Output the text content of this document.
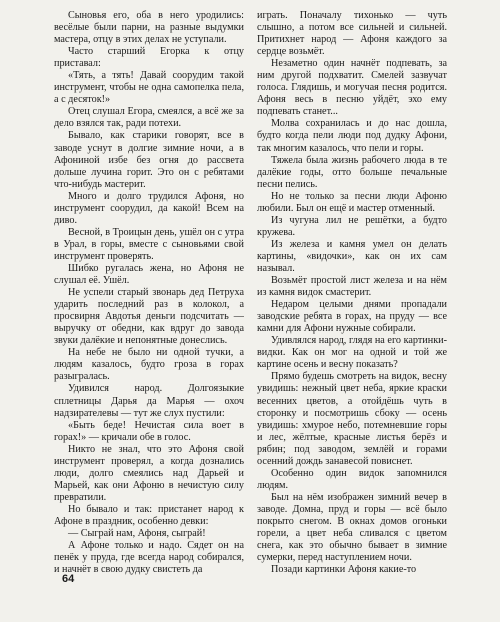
Сыновья его, оба в него уродились: весёлые были парни, на разные выдумки мастера, отцу в этих делах не уступали.

Часто старший Егорка к отцу приставал:

«Тять, а тять! Давай соорудим такой инструмент, чтобы не одна самопелка пела, а с десяток!»

Отец слушал Егора, смеялся, а всё же за дело взялся так, ради потехи.

Бывало, как старики говорят, все в заводе уснут в долгие зимние ночи, а в Афониной избе без огня до рассвета дольше лучина горит. Это он с ребятами что-нибудь мастерит.

Много и долго трудился Афоня, но инструмент соорудил, да какой! Всем на диво.

Весной, в Троицын день, ушёл он с утра в Урал, в горы, вместе с сыновьями свой инструмент проверять.

Шибко ругалась жена, но Афоня не слушал её. Ушёл.

Не успели старый звонарь дед Петруха ударить последний раз в колокол, а просвирня Авдотья деньги подсчитать — выручку от обедни, как вдруг до завода звуки далёкие и непонятные донеслись.

На небе не было ни одной тучки, а людям казалось, будто гроза в горах разыгралась.

Удивился народ. Долгоязыкие сплетницы Дарья да Марья — охоч надзирателевы — тут же слух пустили:

«Быть беде! Нечистая сила воет в горах!» — кричали обе в голос.

Никто не знал, что это Афоня свой инструмент проверял, а когда дознались люди, долго смеялись над Дарьей и Марьей, как они Афоню в нечистую силу превратили.

Но бывало и так: пристанет народ к Афоне в праздник, особенно девки:

— Сыграй нам, Афоня, сыграй!

А Афоне только и надо. Сядет он на пенёк у пруда, где всегда народ собирался, и начнёт в свою дудку свистеть да

играть. Поначалу тихонько — чуть слышно, а потом все сильней и сильней. Притихнет народ — Афоня каждого за сердце возьмёт.

Незаметно один начнёт подпевать, за ним другой подхватит. Смелей зазвучат голоса. Глядишь, и могучая песня родится. Афоня весь в песню уйдёт, эхо ему подпевать станет...

Молва сохранилась и до нас дошла, будто когда пели люди под дудку Афони, так многим казалось, что пели и горы.

Тяжела была жизнь рабочего люда в те далёкие годы, отто больше печальные песни пелись.

Но не только за песни люди Афоню любили. Был он ещё и мастер отменный.

Из чугуна лил не решётки, а будто кружева.

Из железа и камня умел он делать картины, «видочки», как он их сам называл.

Возьмёт простой лист железа и на нём из камня видок смастерит.

Недаром целыми днями пропадали заводские ребята в горах, на пруду — все камни для Афони нужные собирали.

Удивлялся народ, глядя на его картинки-видки. Как он мог на одной и той же картине осень и весну показать?

Прямо будешь смотреть на видок, весну увидишь: нежный цвет неба, яркие краски весенних цветов, а отойдёшь чуть в сторонку и посмотришь сбоку — осень увидишь: хмурое небо, потемневшие горы и лес, жёлтые, красные листья берёз и рябин; под заводом, землёй и горами осенний дождь занавесой повиснет.

Особенно один видок запомнился людям.

Был на нём изображен зимний вечер в заводе. Домна, пруд и горы — всё было покрыто снегом. В окнах домов огоньки горели, а цвет неба сливался с цветом снега, как это обычно бывает в зимние сумерки, перед наступлением ночи.

Позади картинки Афоня какие-то

64
